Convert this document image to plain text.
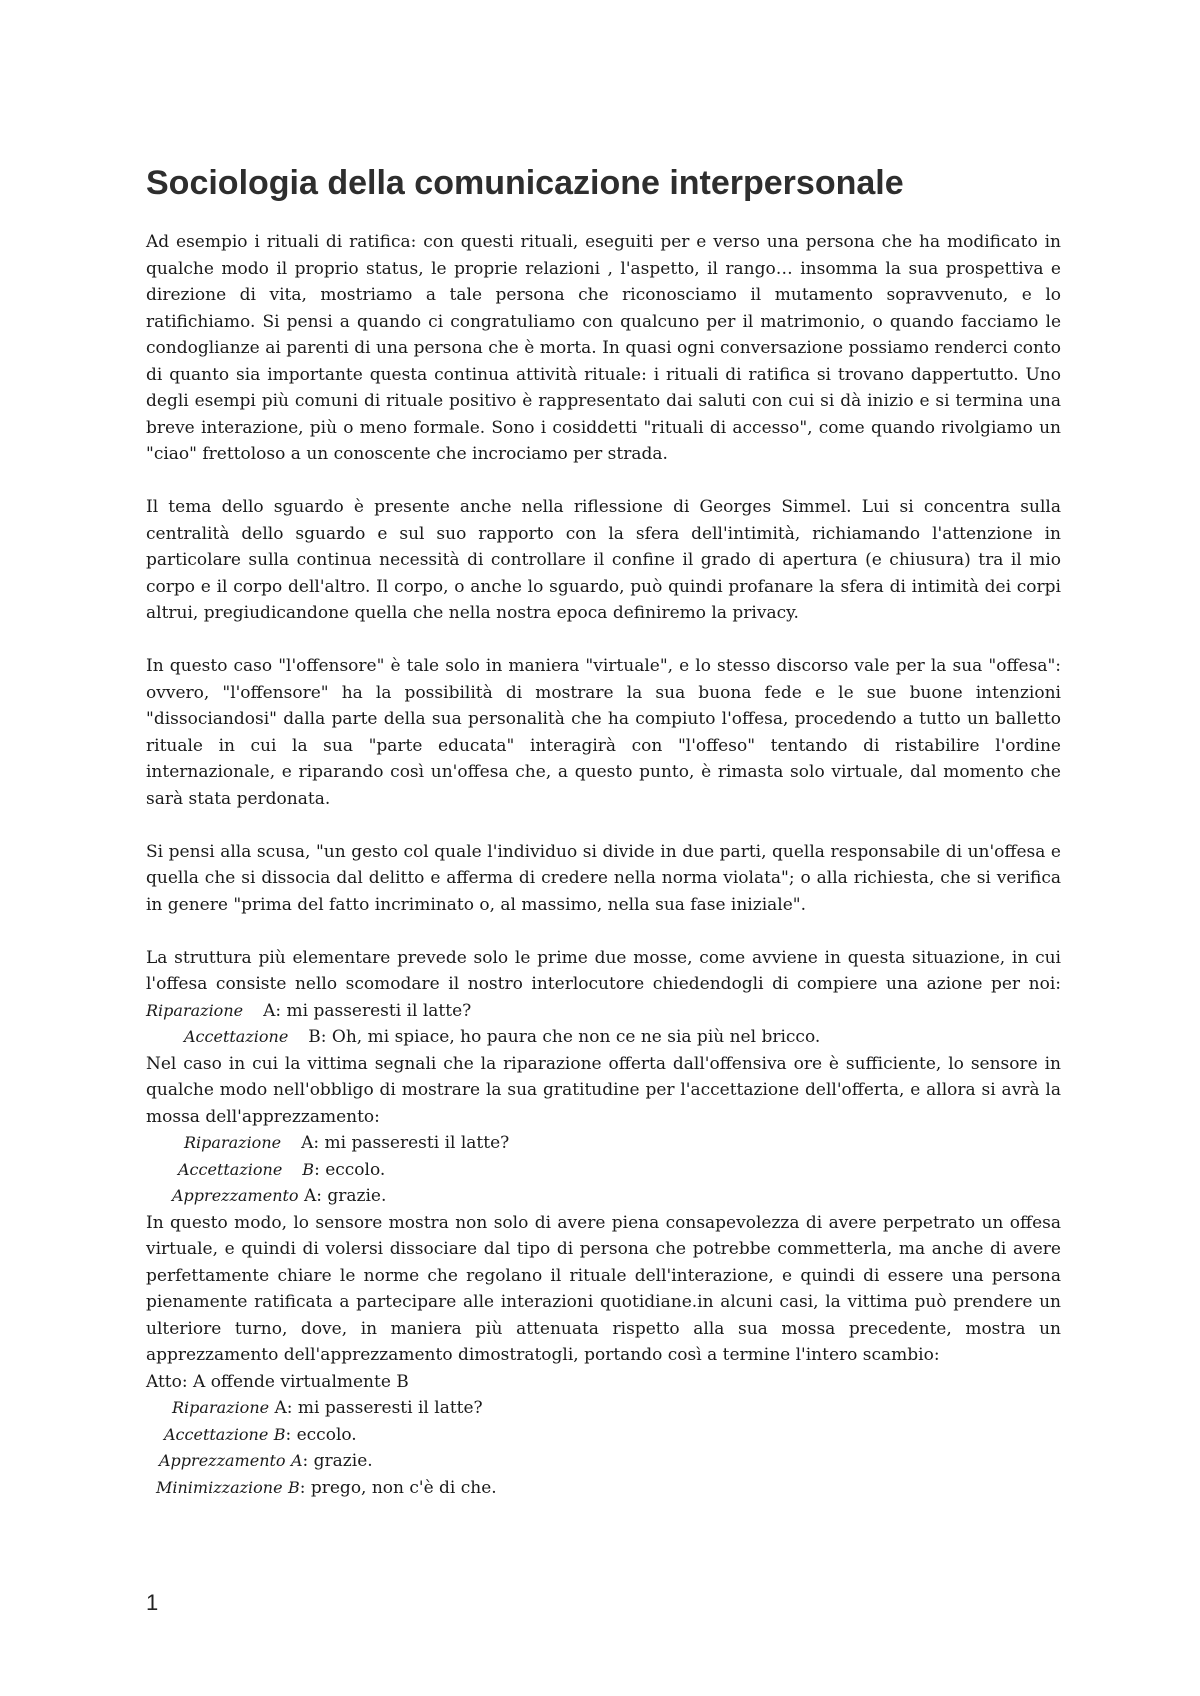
Sociologia della comunicazione interpersonale

Ad esempio i rituali di ratifica: con questi rituali, eseguiti per e verso una persona che ha modificato in qualche modo il proprio status, le proprie relazioni , l'aspetto, il rango… insomma la sua prospettiva e direzione di vita, mostriamo a tale persona che riconosciamo il mutamento sopravvenuto, e lo ratifichiamo. Si pensi a quando ci congratuliamo con qualcuno per il matrimonio, o quando facciamo le condoglianze ai parenti di una persona che è morta. In quasi ogni conversazione possiamo renderci conto di quanto sia importante questa continua attività rituale: i rituali di ratifica si trovano dappertutto. Uno degli esempi più comuni di rituale positivo è rappresentato dai saluti con cui si dà inizio e si termina una breve interazione, più o meno formale. Sono i cosiddetti "rituali di accesso", come quando rivolgiamo un "ciao" frettoloso a un conoscente che incrociamo per strada.

Il tema dello sguardo è presente anche nella riflessione di Georges Simmel. Lui si concentra sulla centralità dello sguardo e sul suo rapporto con la sfera dell'intimità, richiamando l'attenzione in particolare sulla continua necessità di controllare il confine il grado di apertura (e chiusura) tra il mio corpo e il corpo dell'altro. Il corpo, o anche lo sguardo, può quindi profanare la sfera di intimità dei corpi altrui, pregiudicandone quella che nella nostra epoca definiremo la privacy.

In questo caso "l'offensore" è tale solo in maniera "virtuale", e lo stesso discorso vale per la sua "offesa": ovvero, "l'offensore" ha la possibilità di mostrare la sua buona fede e le sue buone intenzioni "dissociandosi" dalla parte della sua personalità che ha compiuto l'offesa, procedendo a tutto un balletto rituale in cui la sua "parte educata" interagirà con "l'offeso" tentando di ristabilire l'ordine internazionale, e riparando così un'offesa che, a questo punto, è rimasta solo virtuale, dal momento che sarà stata perdonata.

Si pensi alla scusa, "un gesto col quale l'individuo si divide in due parti, quella responsabile di un'offesa e quella che si dissocia dal delitto e afferma di credere nella norma violata"; o alla richiesta, che si verifica in genere "prima del fatto incriminato o, al massimo, nella sua fase iniziale".

La struttura più elementare prevede solo le prime due mosse, come avviene in questa situazione, in cui l'offesa consiste nello scomodare il nostro interlocutore chiedendogli di compiere una azione per noi: Riparazione A: mi passeresti il latte?

Accettazione B: Oh, mi spiace, ho paura che non ce ne sia più nel bricco.

Nel caso in cui la vittima segnali che la riparazione offerta dall'offensiva ore è sufficiente, lo sensore in qualche modo nell'obbligo di mostrare la sua gratitudine per l'accettazione dell'offerta, e allora si avrà la mossa dell'apprezzamento:

Riparazione A: mi passeresti il latte?
Accettazione B: eccolo.
Apprezzamento A: grazie.

In questo modo, lo sensore mostra non solo di avere piena consapevolezza di avere perpetrato un offesa virtuale, e quindi di volersi dissociare dal tipo di persona che potrebbe commetterla, ma anche di avere perfettamente chiare le norme che regolano il rituale dell'interazione, e quindi di essere una persona pienamente ratificata a partecipare alle interazioni quotidiane.in alcuni casi, la vittima può prendere un ulteriore turno, dove, in maniera più attenuata rispetto alla sua mossa precedente, mostra un apprezzamento dell'apprezzamento dimostratogli, portando così a termine l'intero scambio:

Atto: A offende virtualmente B
Riparazione A: mi passeresti il latte?
Accettazione B: eccolo.
Apprezzamento A: grazie.
Minimizzazione B: prego, non c'è di che.
1
